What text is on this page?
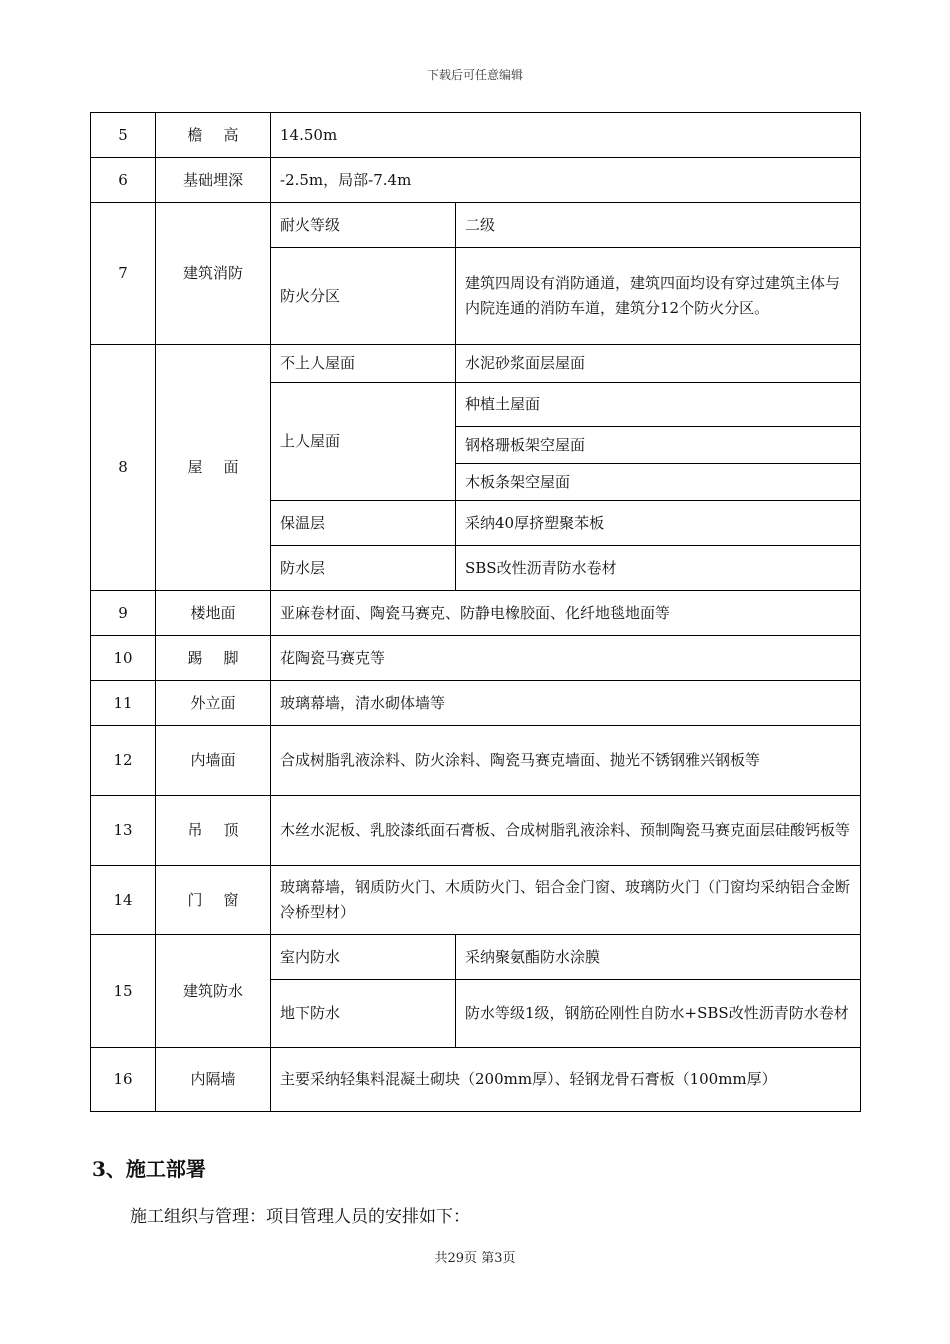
下载后可任意编辑
5	檐高	14.50m	
6	基础埋深	-2.5m，局部-7.4m	
7	建筑消防	耐火等级	二级
		防火分区	建筑四周设有消防通道，建筑四面均设有穿过建筑主体与内院连通的消防车道，建筑分12个防火分区。
8	屋面	不上人屋面	水泥砂浆面层屋面
		上人屋面	种植土屋面
			钢格珊板架空屋面
			木板条架空屋面
		保温层	采纳40厚挤塑聚苯板
		防水层	SBS改性沥青防水卷材
9	楼地面	亚麻卷材面、陶瓷马赛克、防静电橡胶面、化纤地毯地面等	
10	踢脚	花陶瓷马赛克等	
11	外立面	玻璃幕墙，清水砌体墙等	
12	内墙面	合成树脂乳液涂料、防火涂料、陶瓷马赛克墙面、抛光不锈钢雅兴钢板等	
13	吊顶	木丝水泥板、乳胶漆纸面石膏板、合成树脂乳液涂料、预制陶瓷马赛克面层硅酸钙板等	
14	门窗	玻璃幕墙，钢质防火门、木质防火门、铝合金门窗、玻璃防火门（门窗均采纳铝合金断冷桥型材）	
15	建筑防水	室内防水	采纳聚氨酯防水涂膜
		地下防水	防水等级1级，钢筋砼刚性自防水+SBS改性沥青防水卷材
16	内隔墙	主要采纳轻集料混凝土砌块（200mm厚）、轻钢龙骨石膏板（100mm厚）	
3、施工部署

施工组织与管理：项目管理人员的安排如下：

共29页 第3页
